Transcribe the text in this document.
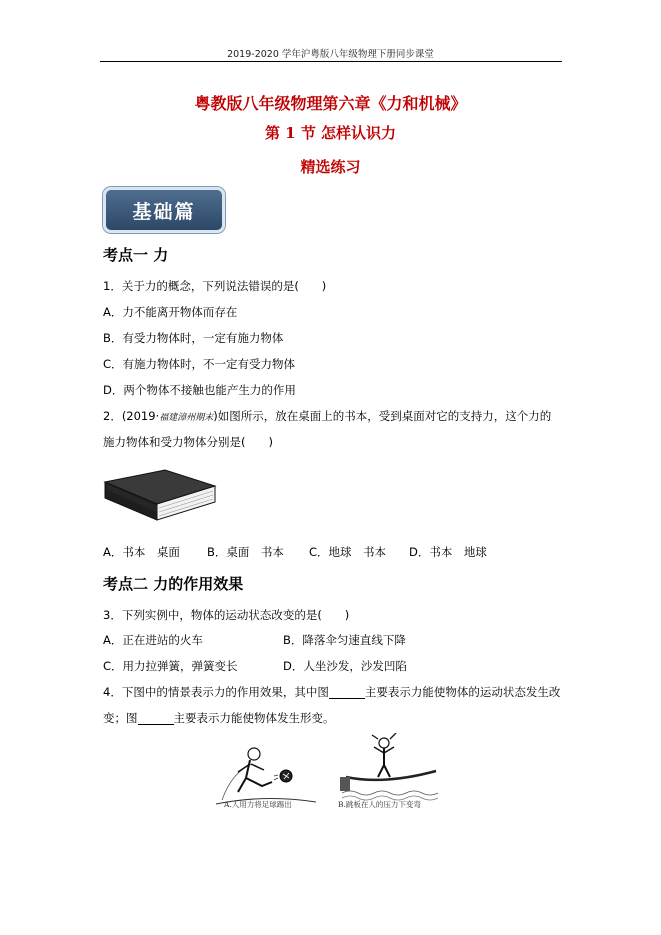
2019-2020 学年沪粤版八年级物理下册同步课堂
粤教版八年级物理第六章《力和机械》
第 1 节 怎样认识力
精选练习
基础篇
考点一 力
1．关于力的概念，下列说法错误的是(　　)
A．力不能离开物体而存在
B．有受力物体时，一定有施力物体
C．有施力物体时，不一定有受力物体
D．两个物体不接触也能产生力的作用
2．(2019·福建漳州期末)如图所示，放在桌面上的书本，受到桌面对它的支持力，这个力的
施力物体和受力物体分别是(　　)
A．书本　桌面 B．桌面　书本 C．地球　书本 D．书本　地球
考点二 力的作用效果
3．下列实例中，物体的运动状态改变的是(　　)
A．正在进站的火车	B．降落伞匀速直线下降
C．用力拉弹簧，弹簧变长	D．人坐沙发，沙发凹陷
4．下图中的情景表示力的作用效果，其中图	主要表示力能使物体的运动状态发生改
变；图	主要表示力能使物体发生形变。
A.人用力将足球踢出	B.跳板在人的压力下变弯
